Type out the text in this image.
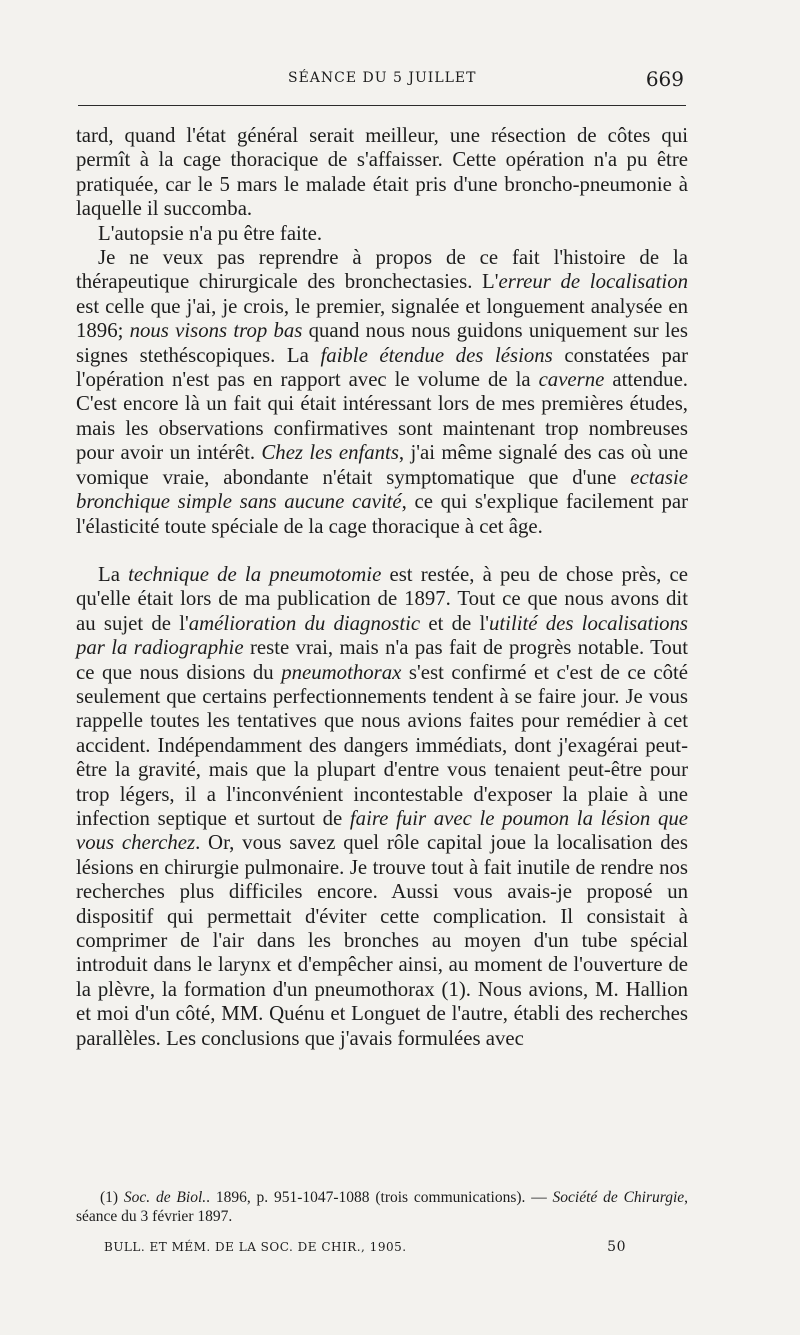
SÉANCE DU 5 JUILLET	669

tard, quand l'état général serait meilleur, une résection de côtes qui permît à la cage thoracique de s'affaisser. Cette opération n'a pu être pratiquée, car le 5 mars le malade était pris d'une broncho-pneumonie à laquelle il succomba.

L'autopsie n'a pu être faite.

Je ne veux pas reprendre à propos de ce fait l'histoire de la thérapeutique chirurgicale des bronchectasies. L'erreur de localisation est celle que j'ai, je crois, le premier, signalée et longuement analysée en 1896; nous visons trop bas quand nous nous guidons uniquement sur les signes stethéscopiques. La faible étendue des lésions constatées par l'opération n'est pas en rapport avec le volume de la caverne attendue. C'est encore là un fait qui était intéressant lors de mes premières études, mais les observations confirmatives sont maintenant trop nombreuses pour avoir un intérêt. Chez les enfants, j'ai même signalé des cas où une vomique vraie, abondante n'était symptomatique que d'une ectasie bronchique simple sans aucune cavité, ce qui s'explique facilement par l'élasticité toute spéciale de la cage thoracique à cet âge.

La technique de la pneumotomie est restée, à peu de chose près, ce qu'elle était lors de ma publication de 1897. Tout ce que nous avons dit au sujet de l'amélioration du diagnostic et de l'utilité des localisations par la radiographie reste vrai, mais n'a pas fait de progrès notable. Tout ce que nous disions du pneumothorax s'est confirmé et c'est de ce côté seulement que certains perfectionnements tendent à se faire jour. Je vous rappelle toutes les tentatives que nous avions faites pour remédier à cet accident. Indépendamment des dangers immédiats, dont j'exagérai peut-être la gravité, mais que la plupart d'entre vous tenaient peut-être pour trop légers, il a l'inconvénient incontestable d'exposer la plaie à une infection septique et surtout de faire fuir avec le poumon la lésion que vous cherchez. Or, vous savez quel rôle capital joue la localisation des lésions en chirurgie pulmonaire. Je trouve tout à fait inutile de rendre nos recherches plus difficiles encore. Aussi vous avais-je proposé un dispositif qui permettait d'éviter cette complication. Il consistait à comprimer de l'air dans les bronches au moyen d'un tube spécial introduit dans le larynx et d'empêcher ainsi, au moment de l'ouverture de la plèvre, la formation d'un pneumothorax (1). Nous avions, M. Hallion et moi d'un côté, MM. Quénu et Longuet de l'autre, établi des recherches parallèles. Les conclusions que j'avais formulées avec

(1) Soc. de Biol.. 1896, p. 951-1047-1088 (trois communications). — Société de Chirurgie, séance du 3 février 1897.
BULL. ET MÉM. DE LA SOC. DE CHIR., 1905.	50
